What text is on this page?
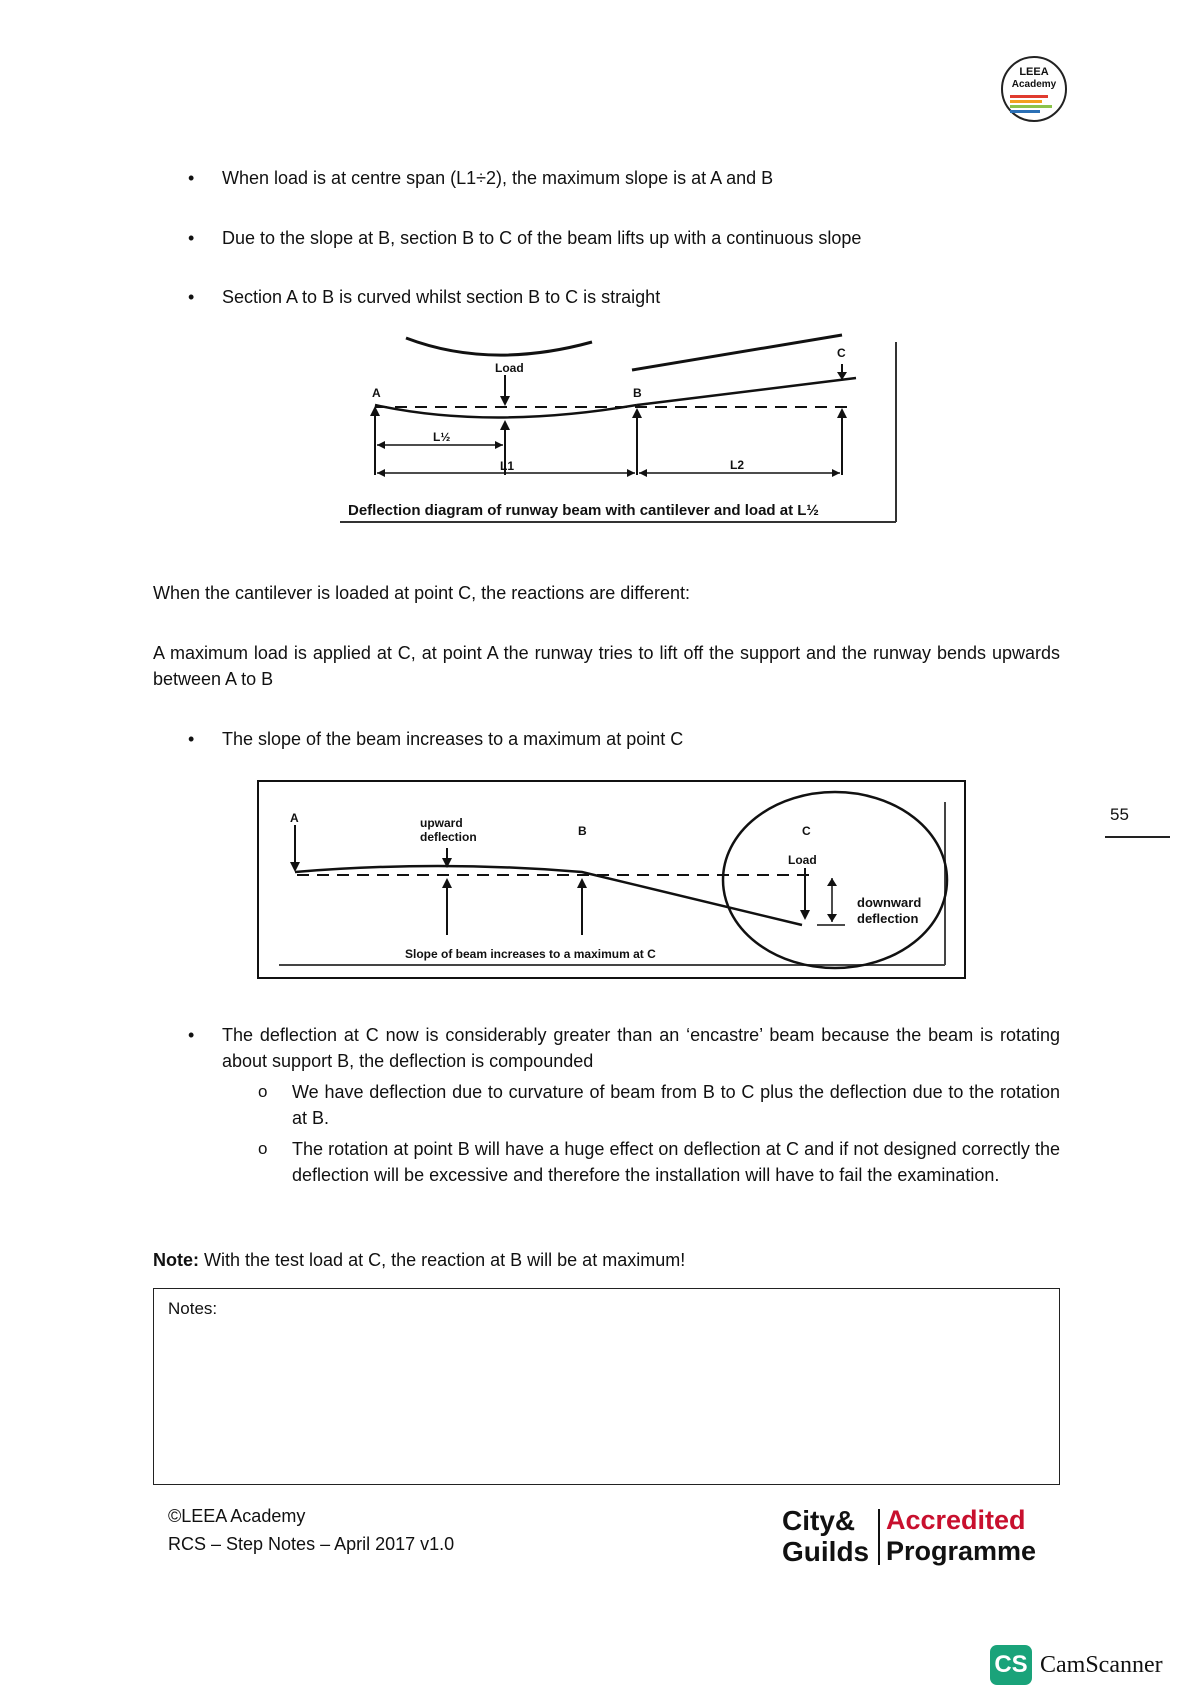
LEEA
Academy
• When load is at centre span (L1÷2), the maximum slope is at A and B
• Due to the slope at B, section B to C of the beam lifts up with a continuous slope
• Section A to B is curved whilst section B to C is straight
A
Load
B
C
L½
L1	L2
Deflection diagram of runway beam with cantilever and load at L½
When the cantilever is loaded at point C, the reactions are different:
A maximum load is applied at C, at point A the runway tries to lift off the support and the runway bends upwards between A to B
• The slope of the beam increases to a maximum at point C
A	upward
deflection	B	C
Load
downward
deflection
Slope of beam increases to a maximum at C
55
• The deflection at C now is considerably greater than an ‘encastre’ beam because the beam is rotating about support B, the deflection is compounded
o We have deflection due to curvature of beam from B to C plus the deflection due to the rotation at B.
o The rotation at point B will have a huge effect on deflection at C and if not designed correctly the deflection will be excessive and therefore the installation will have to fail the examination.
Note: With the test load at C, the reaction at B will be at maximum!
Notes:
©LEEA Academy
RCS – Step Notes – April 2017 v1.0
City&
Guilds
Accredited
Programme
CS CamScanner
